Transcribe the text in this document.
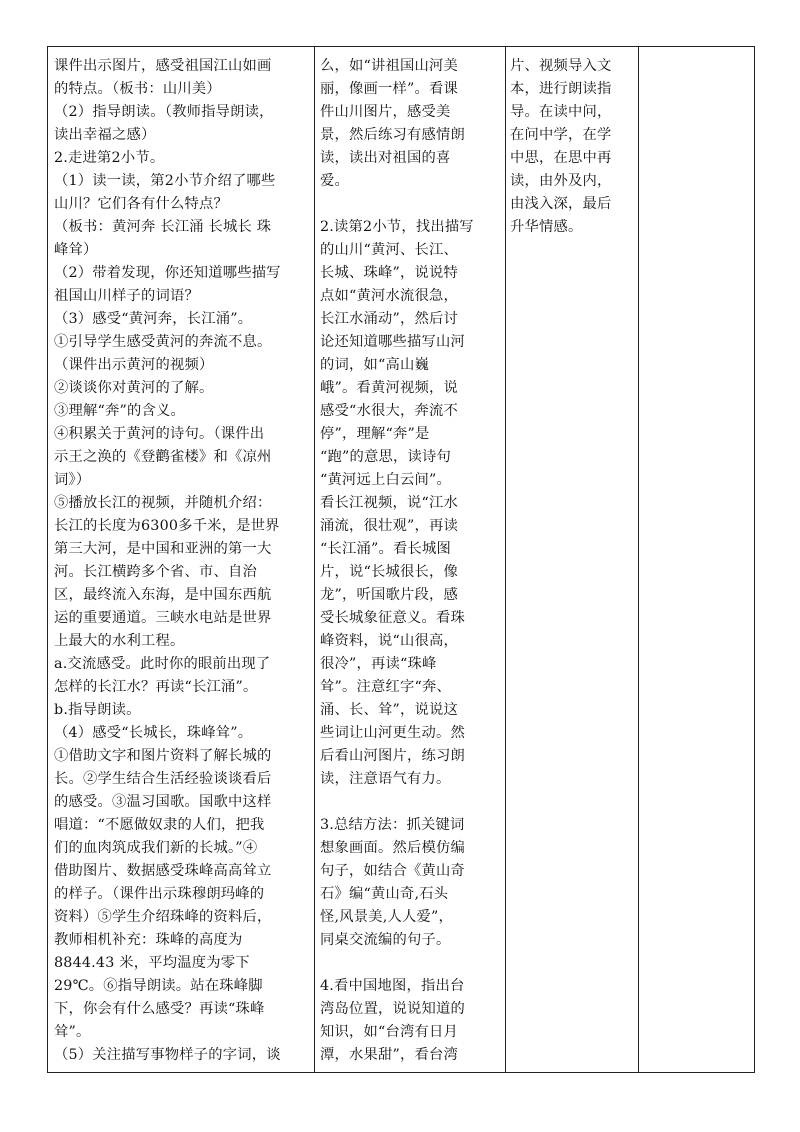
课件出示图片，感受祖国江山如画
的特点。（板书：山川美）
（2）指导朗读。（教师指导朗读，
读出幸福之感）
2.走进第2小节。
（1）读一读，第2小节介绍了哪些
山川？它们各有什么特点？
（板书：黄河奔 长江涌 长城长 珠
峰耸）
（2）带着发现，你还知道哪些描写
祖国山川样子的词语？
（3）感受“黄河奔，长江涌”。
①引导学生感受黄河的奔流不息。
（课件出示黄河的视频）
②谈谈你对黄河的了解。
③理解“奔”的含义。
④积累关于黄河的诗句。（课件出
示王之涣的《登鹳雀楼》和《凉州
词》）
⑤播放长江的视频，并随机介绍：
长江的长度为6300多千米，是世界
第三大河，是中国和亚洲的第一大
河。长江横跨多个省、市、自治
区，最终流入东海，是中国东西航
运的重要通道。三峡水电站是世界
上最大的水利工程。
a.交流感受。此时你的眼前出现了
怎样的长江水？再读“长江涌”。
b.指导朗读。
（4）感受“长城长，珠峰耸”。
①借助文字和图片资料了解长城的
长。②学生结合生活经验谈谈看后
的感受。③温习国歌。国歌中这样
唱道：“不愿做奴隶的人们，把我
们的血肉筑成我们新的长城。”④
借助图片、数据感受珠峰高高耸立
的样子。（课件出示珠穆朗玛峰的
资料）⑤学生介绍珠峰的资料后，
教师相机补充：珠峰的高度为
8844.43 米，平均温度为零下
29℃。⑥指导朗读。站在珠峰脚
下，你会有什么感受？再读“珠峰
耸”。
（5）关注描写事物样子的字词，谈
么，如“讲祖国山河美
丽，像画一样”。看课
件山川图片，感受美
景，然后练习有感情朗
读，读出对祖国的喜
爱。
2.读第2小节，找出描写
的山川“黄河、长江、
长城、珠峰”，说说特
点如“黄河水流很急，
长江水涌动”，然后讨
论还知道哪些描写山河
的词，如“高山巍
峨”。看黄河视频，说
感受“水很大，奔流不
停”，理解“奔”是
“跑”的意思，读诗句
“黄河远上白云间”。
看长江视频，说“江水
涌流，很壮观”，再读
“长江涌”。看长城图
片，说“长城很长，像
龙”，听国歌片段，感
受长城象征意义。看珠
峰资料，说“山很高，
很冷”，再读“珠峰
耸”。注意红字“奔、
涌、长、耸”，说说这
些词让山河更生动。然
后看山河图片，练习朗
读，注意语气有力。
3.总结方法：抓关键词
想象画面。然后模仿编
句子，如结合《黄山奇
石》编“黄山奇,石头
怪,风景美,人人爱”，
同桌交流编的句子。
4.看中国地图，指出台
湾岛位置，说说知道的
知识，如“台湾有日月
潭，水果甜”，看台湾
片、视频导入文
本，进行朗读指
导。在读中问，
在问中学，在学
中思，在思中再
读，由外及内，
由浅入深，最后
升华情感。
